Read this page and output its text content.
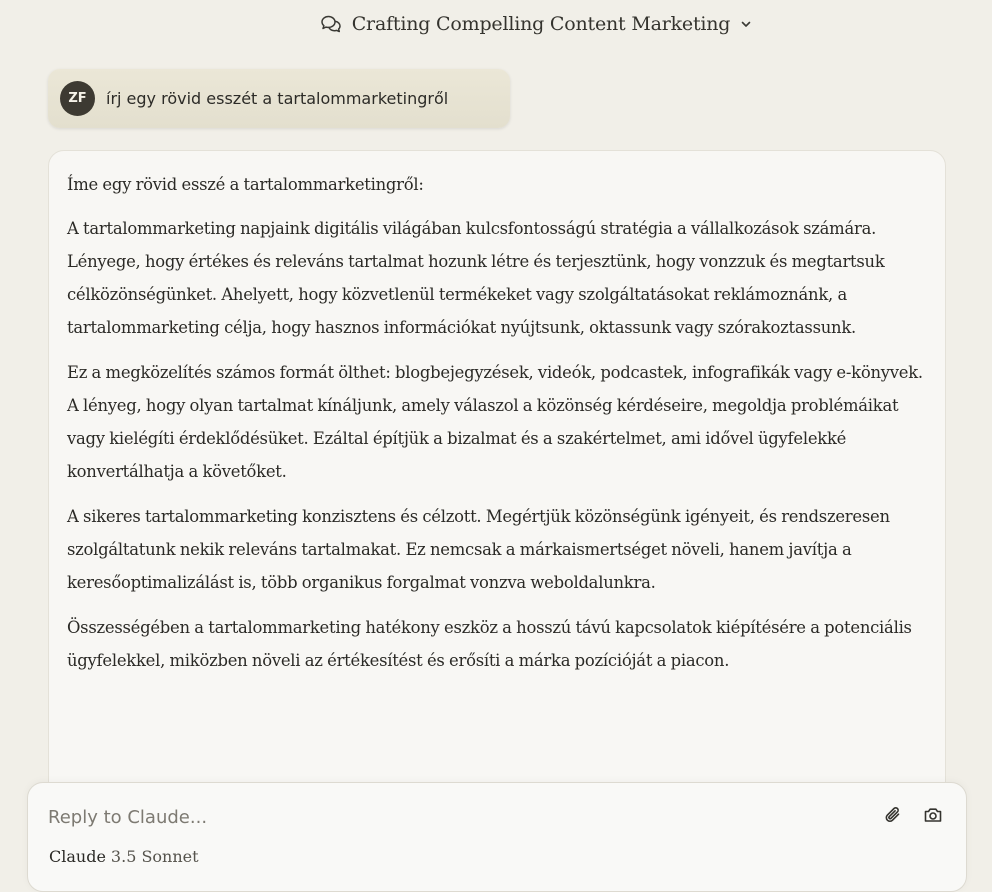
Crafting Compelling Content Marketing
ZF	írj egy rövid esszét a tartalommarketingről

Íme egy rövid esszé a tartalommarketingről:

A tartalommarketing napjaink digitális világában kulcsfontosságú stratégia a vállalkozások számára. Lényege, hogy értékes és releváns tartalmat hozunk létre és terjesztünk, hogy vonzzuk és megtartsuk célközönségünket. Ahelyett, hogy közvetlenül termékeket vagy szolgáltatásokat reklámoznánk, a tartalommarketing célja, hogy hasznos információkat nyújtsunk, oktassunk vagy szórakoztassunk.

Ez a megközelítés számos formát ölthet: blogbejegyzések, videók, podcastek, infografikák vagy e-könyvek. A lényeg, hogy olyan tartalmat kínáljunk, amely válaszol a közönség kérdéseire, megoldja problémáikat vagy kielégíti érdeklődésüket. Ezáltal építjük a bizalmat és a szakértelmet, ami idővel ügyfelekké konvertálhatja a követőket.

A sikeres tartalommarketing konzisztens és célzott. Megértjük közönségünk igényeit, és rendszeresen szolgáltatunk nekik releváns tartalmakat. Ez nemcsak a márkaismertséget növeli, hanem javítja a keresőoptimalizálást is, több organikus forgalmat vonzva weboldalunkra.

Összességében a tartalommarketing hatékony eszköz a hosszú távú kapcsolatok kiépítésére a potenciális ügyfelekkel, miközben növeli az értékesítést és erősíti a márka pozícióját a piacon.

Reply to Claude...
Claude 3.5 Sonnet
